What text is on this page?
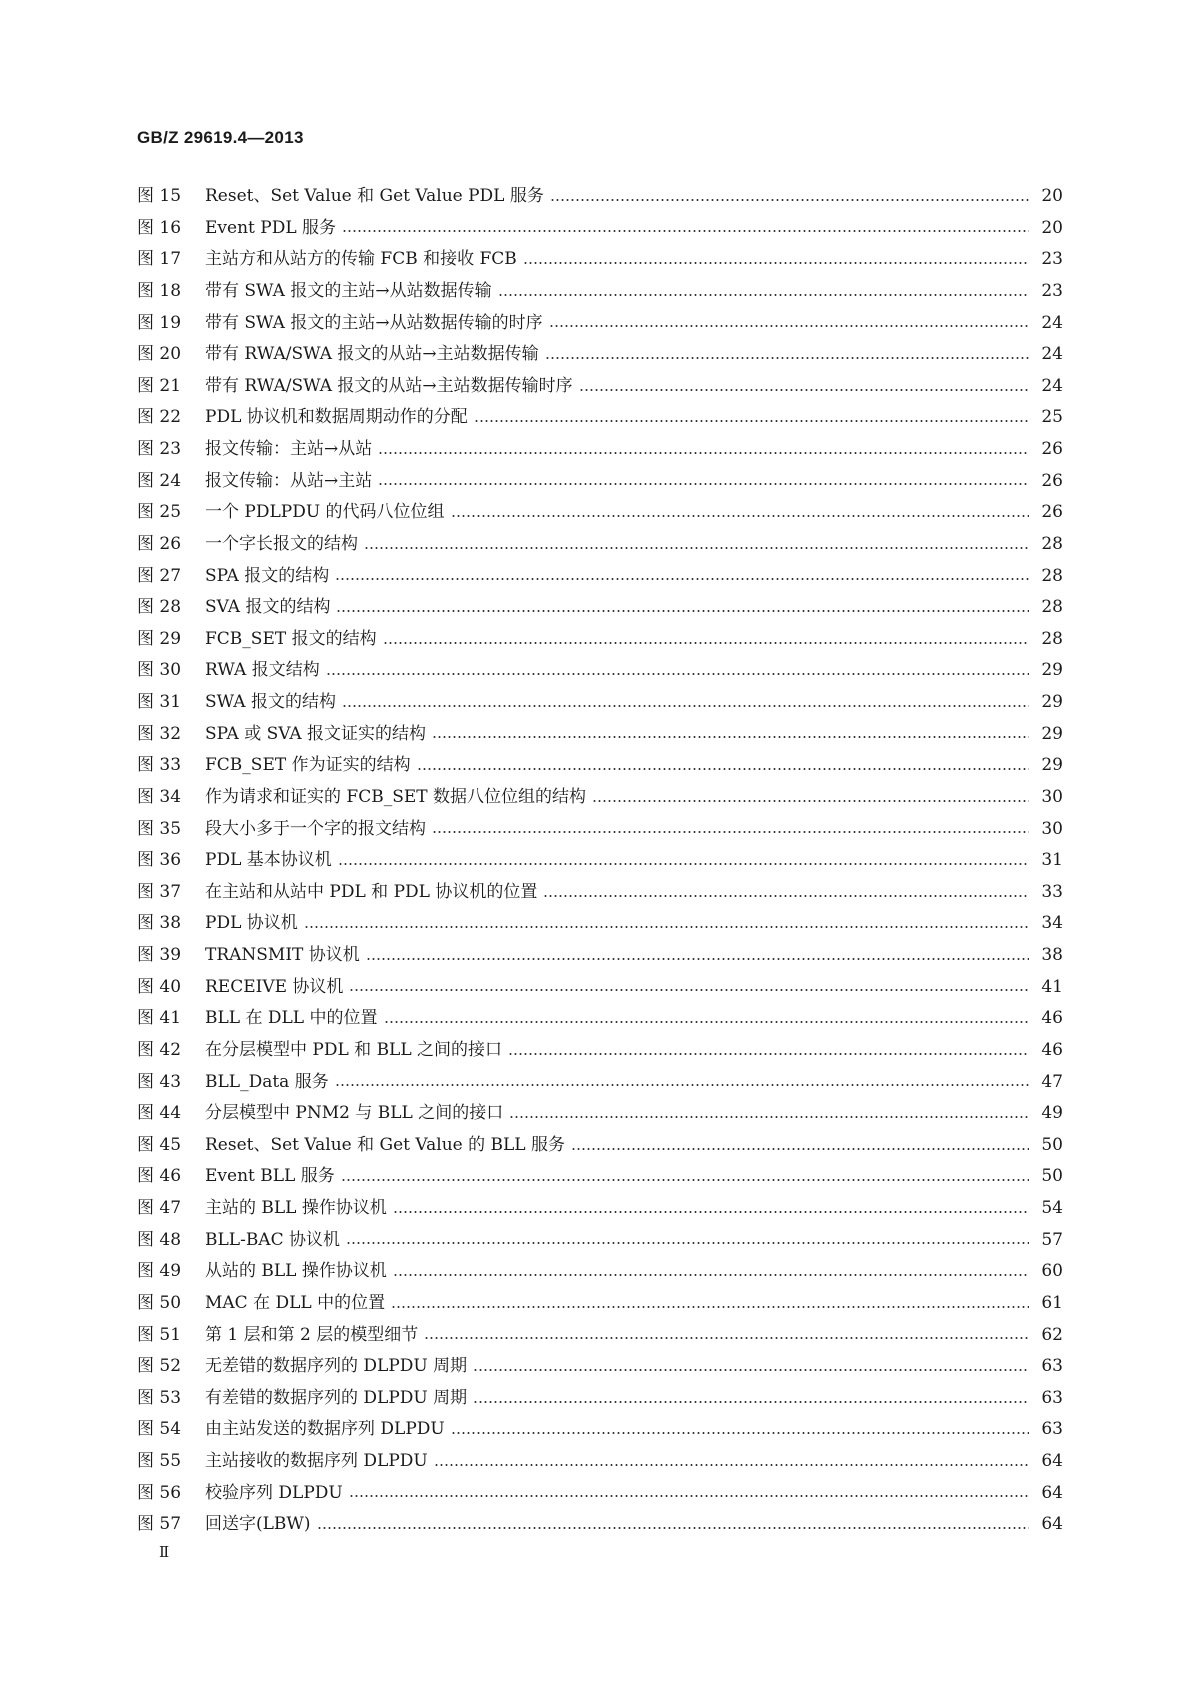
GB/Z 29619.4—2013
图 15	Reset、Set Value 和 Get Value PDL 服务	20
图 16	Event PDL 服务	20
图 17	主站方和从站方的传输 FCB 和接收 FCB	23
图 18	带有 SWA 报文的主站→从站数据传输	23
图 19	带有 SWA 报文的主站→从站数据传输的时序	24
图 20	带有 RWA/SWA 报文的从站→主站数据传输	24
图 21	带有 RWA/SWA 报文的从站→主站数据传输时序	24
图 22	PDL 协议机和数据周期动作的分配	25
图 23	报文传输：主站→从站	26
图 24	报文传输：从站→主站	26
图 25	一个 PDLPDU 的代码八位位组	26
图 26	一个字长报文的结构	28
图 27	SPA 报文的结构	28
图 28	SVA 报文的结构	28
图 29	FCB_SET 报文的结构	28
图 30	RWA 报文结构	29
图 31	SWA 报文的结构	29
图 32	SPA 或 SVA 报文证实的结构	29
图 33	FCB_SET 作为证实的结构	29
图 34	作为请求和证实的 FCB_SET 数据八位位组的结构	30
图 35	段大小多于一个字的报文结构	30
图 36	PDL 基本协议机	31
图 37	在主站和从站中 PDL 和 PDL 协议机的位置	33
图 38	PDL 协议机	34
图 39	TRANSMIT 协议机	38
图 40	RECEIVE 协议机	41
图 41	BLL 在 DLL 中的位置	46
图 42	在分层模型中 PDL 和 BLL 之间的接口	46
图 43	BLL_Data 服务	47
图 44	分层模型中 PNM2 与 BLL 之间的接口	49
图 45	Reset、Set Value 和 Get Value 的 BLL 服务	50
图 46	Event BLL 服务	50
图 47	主站的 BLL 操作协议机	54
图 48	BLL-BAC 协议机	57
图 49	从站的 BLL 操作协议机	60
图 50	MAC 在 DLL 中的位置	61
图 51	第 1 层和第 2 层的模型细节	62
图 52	无差错的数据序列的 DLPDU 周期	63
图 53	有差错的数据序列的 DLPDU 周期	63
图 54	由主站发送的数据序列 DLPDU	63
图 55	主站接收的数据序列 DLPDU	64
图 56	校验序列 DLPDU	64
图 57	回送字(LBW)	64
Ⅱ
